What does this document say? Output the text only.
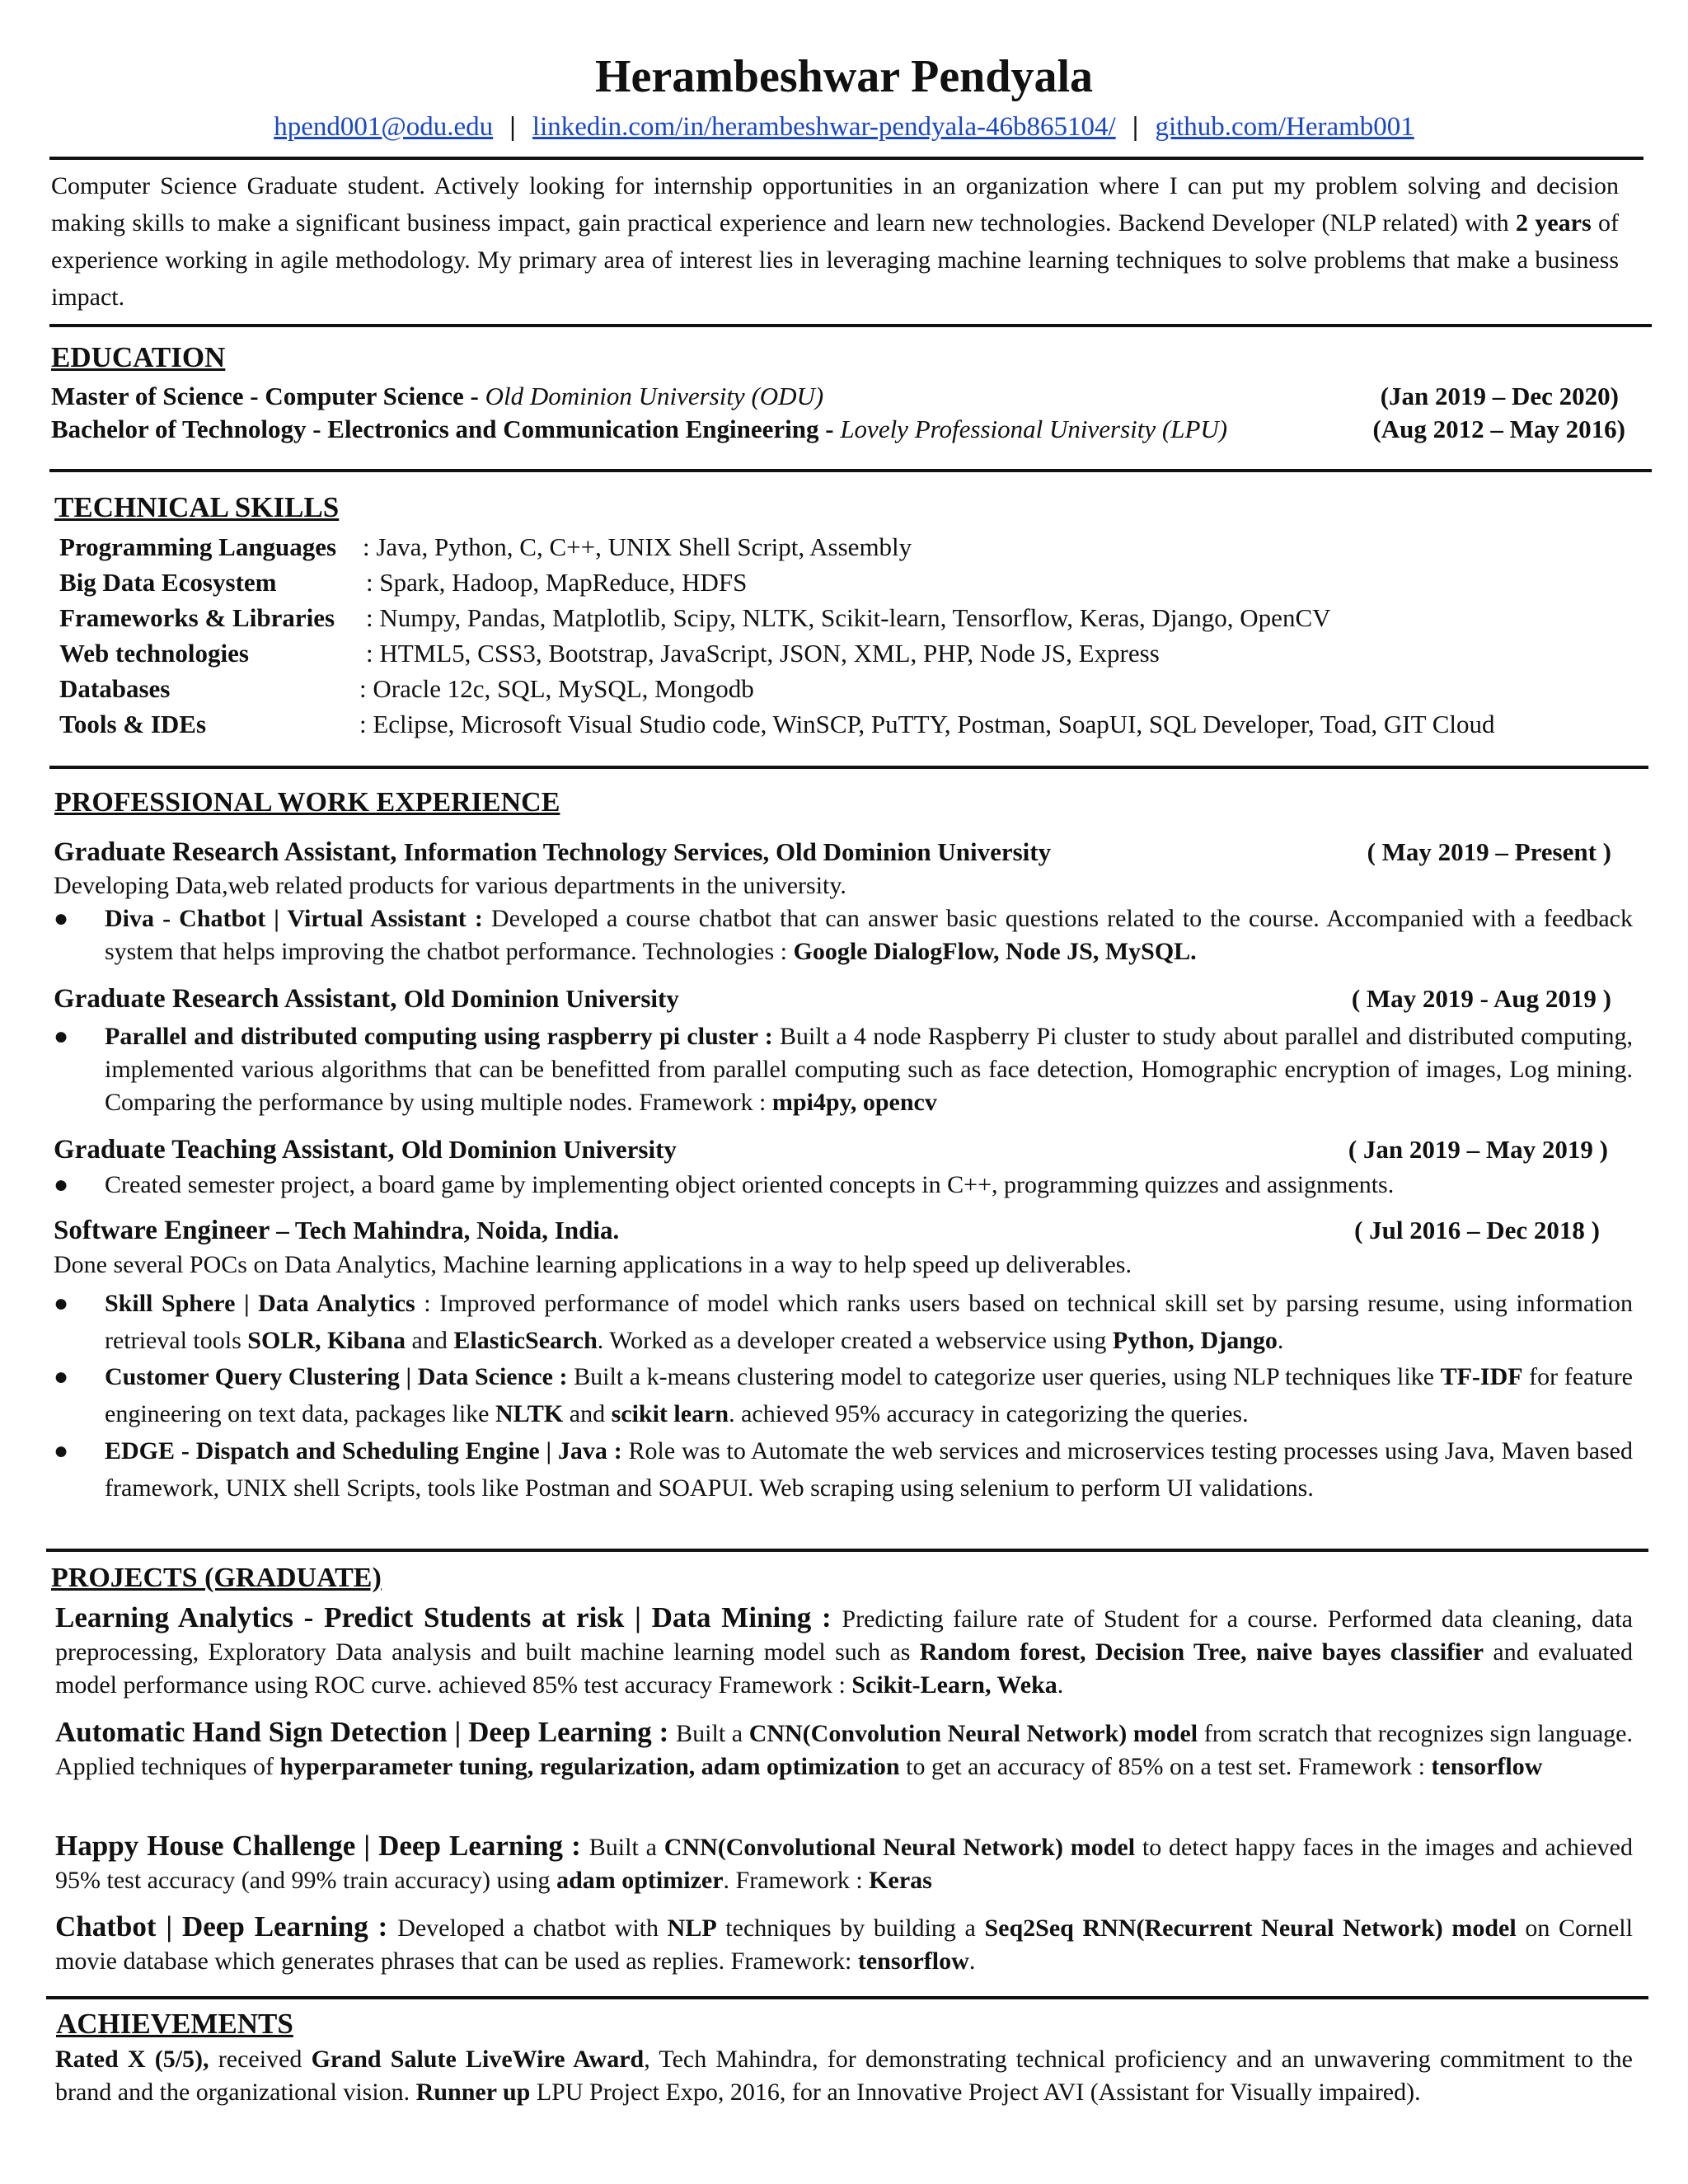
Herambeshwar Pendyala
hpend001@odu.edu | linkedin.com/in/herambeshwar-pendyala-46b865104/ | github.com/Heramb001
Computer Science Graduate student. Actively looking for internship opportunities in an organization where I can put my problem solving and decision making skills to make a significant business impact, gain practical experience and learn new technologies. Backend Developer (NLP related) with 2 years of experience working in agile methodology. My primary area of interest lies in leveraging machine learning techniques to solve problems that make a business impact.
EDUCATION
Master of Science - Computer Science - Old Dominion University (ODU)	(Jan 2019 – Dec 2020)
Bachelor of Technology - Electronics and Communication Engineering - Lovely Professional University (LPU)	(Aug 2012 – May 2016)
TECHNICAL SKILLS
Programming Languages : Java, Python, C, C++, UNIX Shell Script, Assembly
Big Data Ecosystem	: Spark, Hadoop, MapReduce, HDFS
Frameworks & Libraries : Numpy, Pandas, Matplotlib, Scipy, NLTK, Scikit-learn, Tensorflow, Keras, Django, OpenCV
Web technologies	: HTML5, CSS3, Bootstrap, JavaScript, JSON, XML, PHP, Node JS, Express
Databases	: Oracle 12c, SQL, MySQL, Mongodb
Tools & IDEs	: Eclipse, Microsoft Visual Studio code, WinSCP, PuTTY, Postman, SoapUI, SQL Developer, Toad, GIT Cloud
PROFESSIONAL WORK EXPERIENCE
Graduate Research Assistant, Information Technology Services, Old Dominion University	( May 2019 – Present )
Developing Data,web related products for various departments in the university.
● Diva - Chatbot | Virtual Assistant : Developed a course chatbot that can answer basic questions related to the course. Accompanied with a feedback system that helps improving the chatbot performance. Technologies : Google DialogFlow, Node JS, MySQL.
Graduate Research Assistant, Old Dominion University	( May 2019 - Aug 2019 )
● Parallel and distributed computing using raspberry pi cluster : Built a 4 node Raspberry Pi cluster to study about parallel and distributed computing, implemented various algorithms that can be benefitted from parallel computing such as face detection, Homographic encryption of images, Log mining. Comparing the performance by using multiple nodes. Framework : mpi4py, opencv
Graduate Teaching Assistant, Old Dominion University	( Jan 2019 – May 2019 )
● Created semester project, a board game by implementing object oriented concepts in C++, programming quizzes and assignments.
Software Engineer – Tech Mahindra, Noida, India.	( Jul 2016 – Dec 2018 )
Done several POCs on Data Analytics, Machine learning applications in a way to help speed up deliverables.
● Skill Sphere | Data Analytics : Improved performance of model which ranks users based on technical skill set by parsing resume, using information retrieval tools SOLR, Kibana and ElasticSearch. Worked as a developer created a webservice using Python, Django.
● Customer Query Clustering | Data Science : Built a k-means clustering model to categorize user queries, using NLP techniques like TF-IDF for feature engineering on text data, packages like NLTK and scikit learn. achieved 95% accuracy in categorizing the queries.
● EDGE - Dispatch and Scheduling Engine | Java : Role was to Automate the web services and microservices testing processes using Java, Maven based framework, UNIX shell Scripts, tools like Postman and SOAPUI. Web scraping using selenium to perform UI validations.
PROJECTS (GRADUATE)
Learning Analytics - Predict Students at risk | Data Mining : Predicting failure rate of Student for a course. Performed data cleaning, data preprocessing, Exploratory Data analysis and built machine learning model such as Random forest, Decision Tree, naive bayes classifier and evaluated model performance using ROC curve. achieved 85% test accuracy Framework : Scikit-Learn, Weka.
Automatic Hand Sign Detection | Deep Learning : Built a CNN(Convolution Neural Network) model from scratch that recognizes sign language. Applied techniques of hyperparameter tuning, regularization, adam optimization to get an accuracy of 85% on a test set. Framework : tensorflow
Happy House Challenge | Deep Learning : Built a CNN(Convolutional Neural Network) model to detect happy faces in the images and achieved 95% test accuracy (and 99% train accuracy) using adam optimizer. Framework : Keras
Chatbot | Deep Learning : Developed a chatbot with NLP techniques by building a Seq2Seq RNN(Recurrent Neural Network) model on Cornell movie database which generates phrases that can be used as replies. Framework: tensorflow.
ACHIEVEMENTS
Rated X (5/5), received Grand Salute LiveWire Award, Tech Mahindra, for demonstrating technical proficiency and an unwavering commitment to the brand and the organizational vision. Runner up LPU Project Expo, 2016, for an Innovative Project AVI (Assistant for Visually impaired).
